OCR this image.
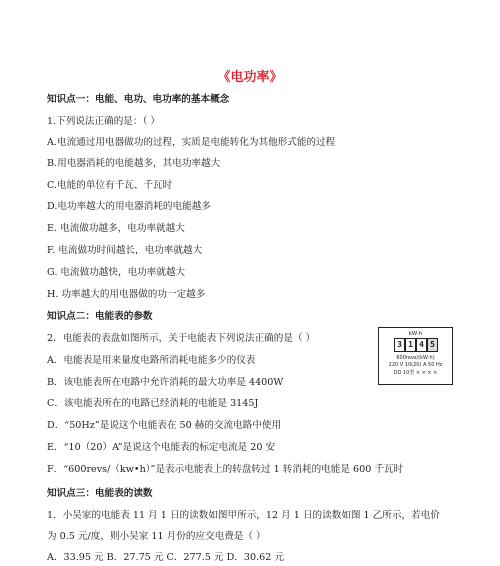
《电功率》
知识点一：电能、电功、电功率的基本概念
1.下列说法正确的是：（ ）
A.电流通过用电器做功的过程，实质是电能转化为其他形式能的过程
B.用电器消耗的电能越多，其电功率越大
C.电能的单位有千瓦、千瓦时
D.电功率越大的用电器消耗的电能越多
E. 电流做功越多，电功率就越大
F. 电流做功时间越长，电功率就越大
G. 电流做功越快，电功率就越大
H. 功率越大的用电器做的功一定越多
知识点二：电能表的参数
2．电能表的表盘如图所示，关于电能表下列说法正确的是（ ）
A．电能表是用来量度电路所消耗电能多少的仪表
B．该电能表所在电路中允许消耗的最大功率是 4400W
C．该电能表所在的电路已经消耗的电能是 3145J
D．“50Hz”是说这个电能表在 50 赫的交流电路中使用
E．“10（20）A”是说这个电能表的标定电流是 20 安
F．“600revs/（kw•h）”是表示电能表上的转盘转过 1 转消耗的电能是 600 千瓦时
kW·h
3 1 4 5
600revs/(kW·h)
220 V 10(20) A 50 Hz
DD 10型 × × × ×
知识点三：电能表的读数
1．小吴家的电能表 11 月 1 日的读数如图甲所示，12 月 1 日的读数如图 1 乙所示，若电价
为 0.5 元/度，则小吴家 11 月份的应交电费是（ ）
A．33.95 元 B．27.75 元 C．277.5 元 D．30.62 元
